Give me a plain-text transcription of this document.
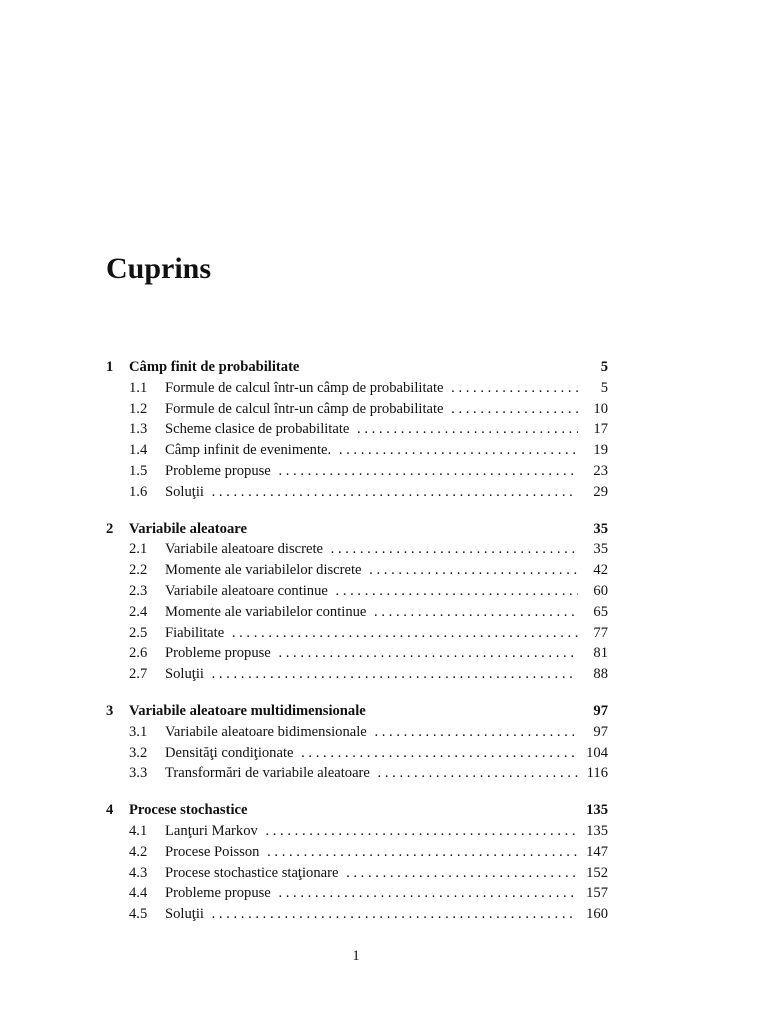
Cuprins
1 Câmp finit de probabilitate	5
1.1 Formule de calcul într-un câmp de probabilitate . . .	5
1.2 Formule de calcul într-un câmp de probabilitate . . .	10
1.3 Scheme clasice de probabilitate . . .	17
1.4 Câmp infinit de evenimente. . . .	19
1.5 Probleme propuse . . .	23
1.6 Soluţii . . .	29
2 Variabile aleatoare	35
2.1 Variabile aleatoare discrete . . .	35
2.2 Momente ale variabilelor discrete . . .	42
2.3 Variabile aleatoare continue . . .	60
2.4 Momente ale variabilelor continue . . .	65
2.5 Fiabilitate . . .	77
2.6 Probleme propuse . . .	81
2.7 Soluţii . . .	88
3 Variabile aleatoare multidimensionale	97
3.1 Variabile aleatoare bidimensionale . . .	97
3.2 Densităţi condiţionate . . .	104
3.3 Transformări de variabile aleatoare . . .	116
4 Procese stochastice	135
4.1 Lanţuri Markov . . .	135
4.2 Procese Poisson . . .	147
4.3 Procese stochastice staţionare . . .	152
4.4 Probleme propuse . . .	157
4.5 Soluţii . . .	160
1
